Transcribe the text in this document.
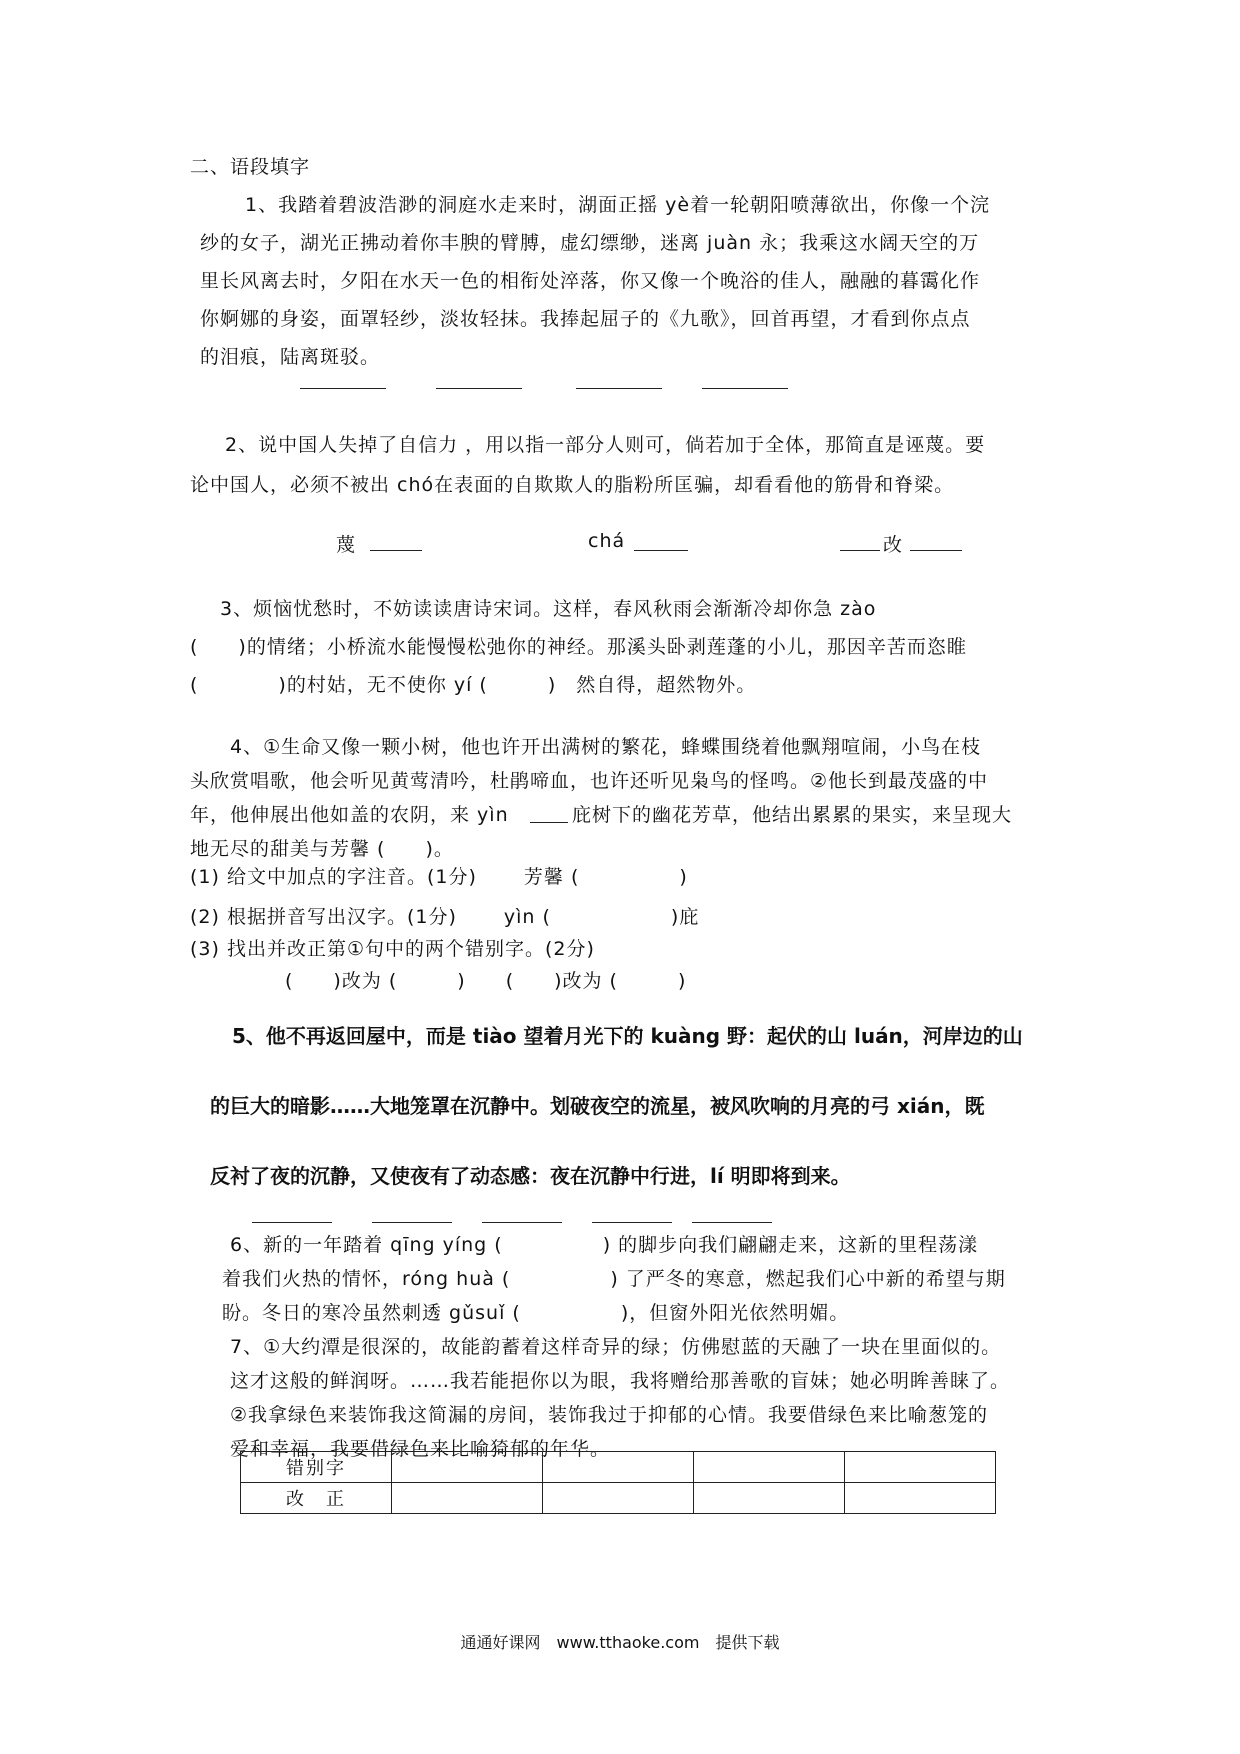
二、语段填字
1、我踏着碧波浩渺的洞庭水走来时，湖面正摇 yè着一轮朝阳喷薄欲出，你像一个浣
纱的女子，湖光正拂动着你丰腴的臂膊，虚幻缥缈，迷离 juàn 永；我乘这水阔天空的万
里长风离去时，夕阳在水天一色的相衔处淬落，你又像一个晚浴的佳人，融融的暮霭化作
你婀娜的身姿，面罩轻纱，淡妆轻抹。我捧起屈子的《九歌》，回首再望，才看到你点点
的泪痕，陆离斑驳。
2、说中国人失掉了自信力 ，用以指一部分人则可，倘若加于全体，那简直是诬蔑。要
论中国人，必须不被出 chó在表面的自欺欺人的脂粉所匡骗，却看看他的筋骨和脊梁。
蔑	chá	改
3、烦恼忧愁时，不妨读读唐诗宋词。这样，春风秋雨会渐渐冷却你急 zào
(　　)的情绪；小桥流水能慢慢松弛你的神经。那溪头卧剥莲蓬的小儿，那因辛苦而恣睢
(　　　　)的村姑，无不使你 yí (　　　)　然自得，超然物外。
4、①生命又像一颗小树，他也许开出满树的繁花，蜂蝶围绕着他飘翔喧闹，小鸟在枝
头欣赏唱歌，他会听见黄莺清吟，杜鹃啼血，也许还听见枭鸟的怪鸣。②他长到最茂盛的中
年，他伸展出他如盖的农阴，来 yìn	庇树下的幽花芳草，他结出累累的果实，来呈现大
地无尽的甜美与芳馨 (　　)。
(1) 给文中加点的字注音。(1分)　　 芳馨 (　　　　　)
(2) 根据拼音写出汉字。(1分)　　 yìn (　　　　　　)庇
(3) 找出并改正第①句中的两个错别字。(2分)
(　　)改为 (　　　)　　(　　)改为 (　　　)
5、他不再返回屋中，而是 tiào 望着月光下的 kuàng 野：起伏的山 luán，河岸边的山
的巨大的暗影……大地笼罩在沉静中。划破夜空的流星，被风吹响的月亮的弓 xián，既
反衬了夜的沉静，又使夜有了动态感：夜在沉静中行进，lí 明即将到来。
6、新的一年踏着 qīng yíng (　　　　　) 的脚步向我们翩翩走来，这新的里程荡漾
着我们火热的情怀，róng huà (　　　　　) 了严冬的寒意，燃起我们心中新的希望与期
盼。冬日的寒冷虽然刺透 gǔsuǐ (　　　　　)，但窗外阳光依然明媚。
7、①大约潭是很深的，故能韵蓄着这样奇异的绿；仿佛慰蓝的天融了一块在里面似的。
这才这般的鲜润呀。……我若能挹你以为眼，我将赠给那善歌的盲妹；她必明眸善睐了。
②我拿绿色来装饰我这简漏的房间，装饰我过于抑郁的心情。我要借绿色来比喻葱笼的
爱和幸福，我要借绿色来比喻猗郁的年华。
错别字				
改　正				
通通好课网　www.tthaoke.com　提供下载
